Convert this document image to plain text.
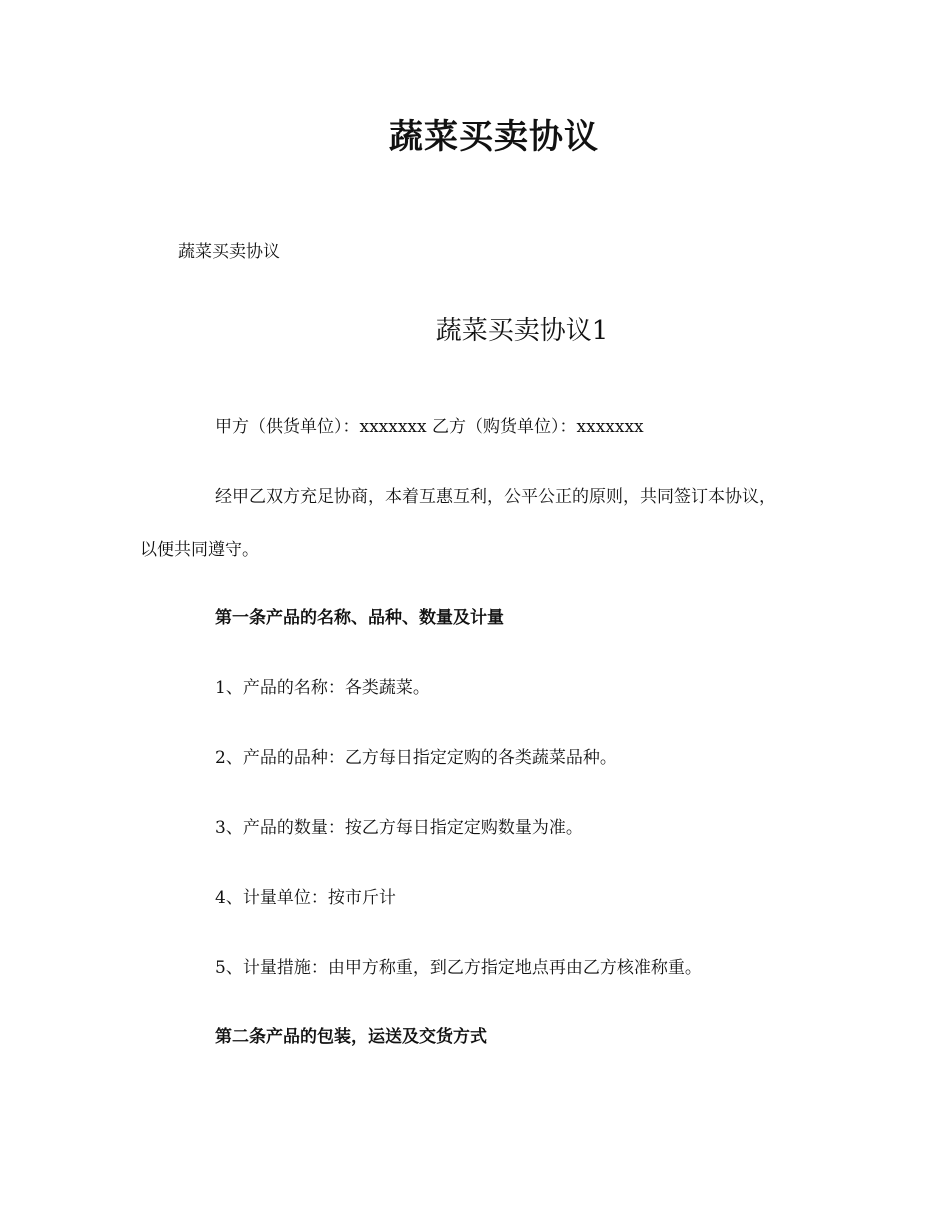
蔬菜买卖协议
蔬菜买卖协议
蔬菜买卖协议1
甲方（供货单位）：xxxxxxx 乙方（购货单位）：xxxxxxx
经甲乙双方充足协商，本着互惠互利，公平公正的原则，共同签订本协议，
以便共同遵守。
第一条产品的名称、品种、数量及计量
1、产品的名称：各类蔬菜。
2、产品的品种：乙方每日指定定购的各类蔬菜品种。
3、产品的数量：按乙方每日指定定购数量为准。
4、计量单位：按市斤计
5、计量措施：由甲方称重，到乙方指定地点再由乙方核准称重。
第二条产品的包装，运送及交货方式
